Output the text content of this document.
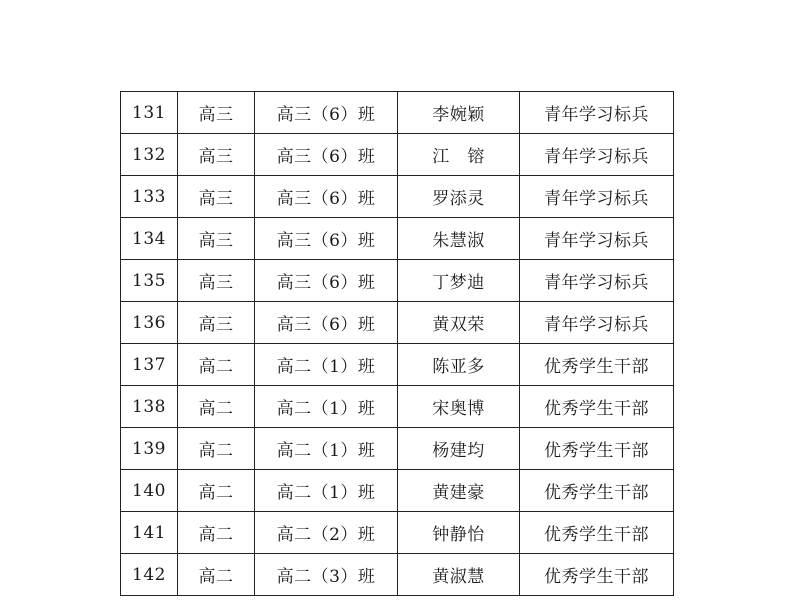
131	高三	高三（6）班	李婉颖	青年学习标兵
132	高三	高三（6）班	江　镕	青年学习标兵
133	高三	高三（6）班	罗添灵	青年学习标兵
134	高三	高三（6）班	朱慧淑	青年学习标兵
135	高三	高三（6）班	丁梦迪	青年学习标兵
136	高三	高三（6）班	黄双荣	青年学习标兵
137	高二	高二（1）班	陈亚多	优秀学生干部
138	高二	高二（1）班	宋奥博	优秀学生干部
139	高二	高二（1）班	杨建均	优秀学生干部
140	高二	高二（1）班	黄建豪	优秀学生干部
141	高二	高二（2）班	钟静怡	优秀学生干部
142	高二	高二（3）班	黄淑慧	优秀学生干部
